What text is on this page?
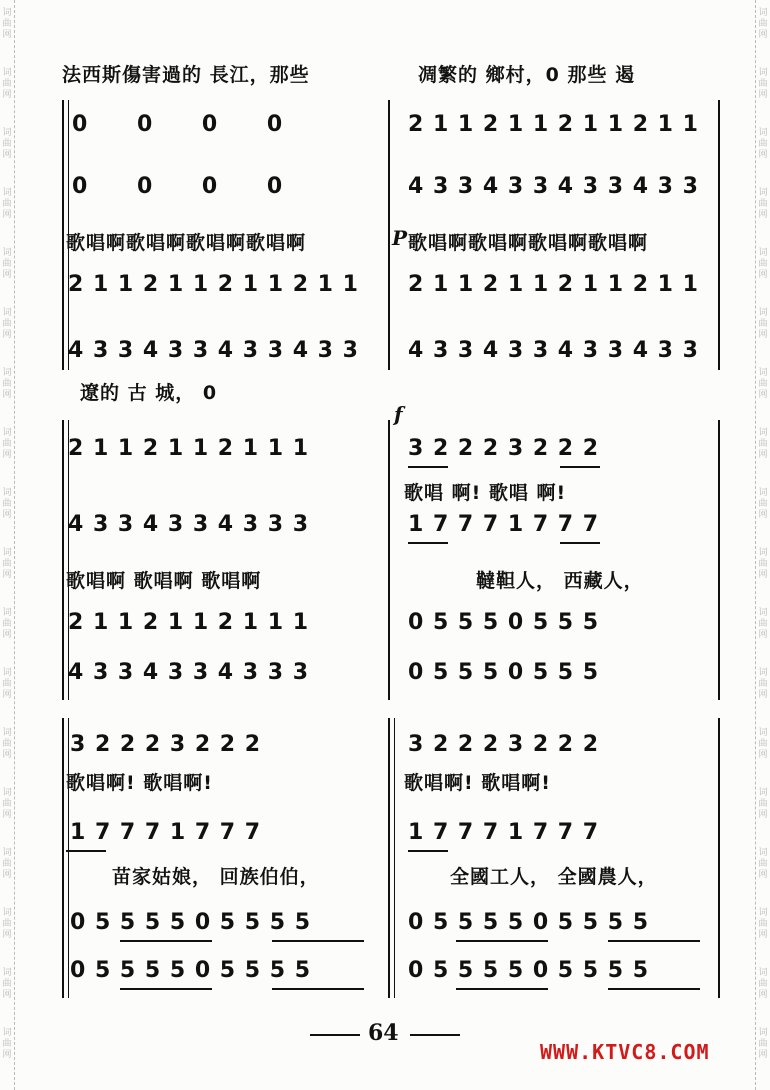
词
曲
网
词
曲
网
词
曲
网
词
曲
网
词
曲
网
词
曲
网
词
曲
网
词
曲
网
词
曲
网
词
曲
网
词
曲
网
词
曲
网
词
曲
网
词
曲
网
词
曲
网
词
曲
网
词
曲
网
词
曲
网
词
曲
网
词
曲
网
词
曲
网
词
曲
网
词
曲
网
词
曲
网
词
曲
网
词
曲
网
词
曲
网
词
曲
网
词
曲
网
词
曲
网
词
曲
网
词
曲
网
词
曲
网
词
曲
网
词
曲
网
词
曲
网
法西斯傷害過的 長江，那些	凋繁的 鄉村，0 那些 遏
0 0 0 0	2 1 1 2 1 1 2 1 1 2 1 1
0 0 0 0	4 3 3 4 3 3 4 3 3 4 3 3
歌唱啊歌唱啊歌唱啊歌唱啊	P 歌唱啊歌唱啊歌唱啊歌唱啊
2 1 1 2 1 1 2 1 1 2 1 1 2 1 1 2 1 1 2 1 1 2 1 1
4 3 3 4 3 3 4 3 3 4 3 3 4 3 3 4 3 3 4 3 3 4 3 3
遼的 古 城， 0
f
2 1 1 2 1 1 2 1 1 1	3 2 2 2 3 2 2 2
歌唱 啊! 歌唱 啊!
4 3 3 4 3 3 4 3 3 3	1 7 7 7 1 7 7 7
歌唱啊 歌唱啊 歌唱啊	韃靼人， 西藏人，
2 1 1 2 1 1 2 1 1 1	0 5 5 5 0 5 5 5
4 3 3 4 3 3 4 3 3 3	0 5 5 5 0 5 5 5
3 2 2 2 3 2 2 2	3 2 2 2 3 2 2 2
歌唱啊! 歌唱啊!	歌唱啊! 歌唱啊!
1 7 7 7 1 7 7 7	1 7 7 7 1 7 7 7
苗家姑娘， 回族伯伯，	全國工人， 全國農人，
0 5 5 5 5 0 5 5 5 5	0 5 5 5 5 0 5 5 5 5
0 5 5 5 5 0 5 5 5 5	0 5 5 5 5 0 5 5 5 5
64
WWW.KTVC8.COM
